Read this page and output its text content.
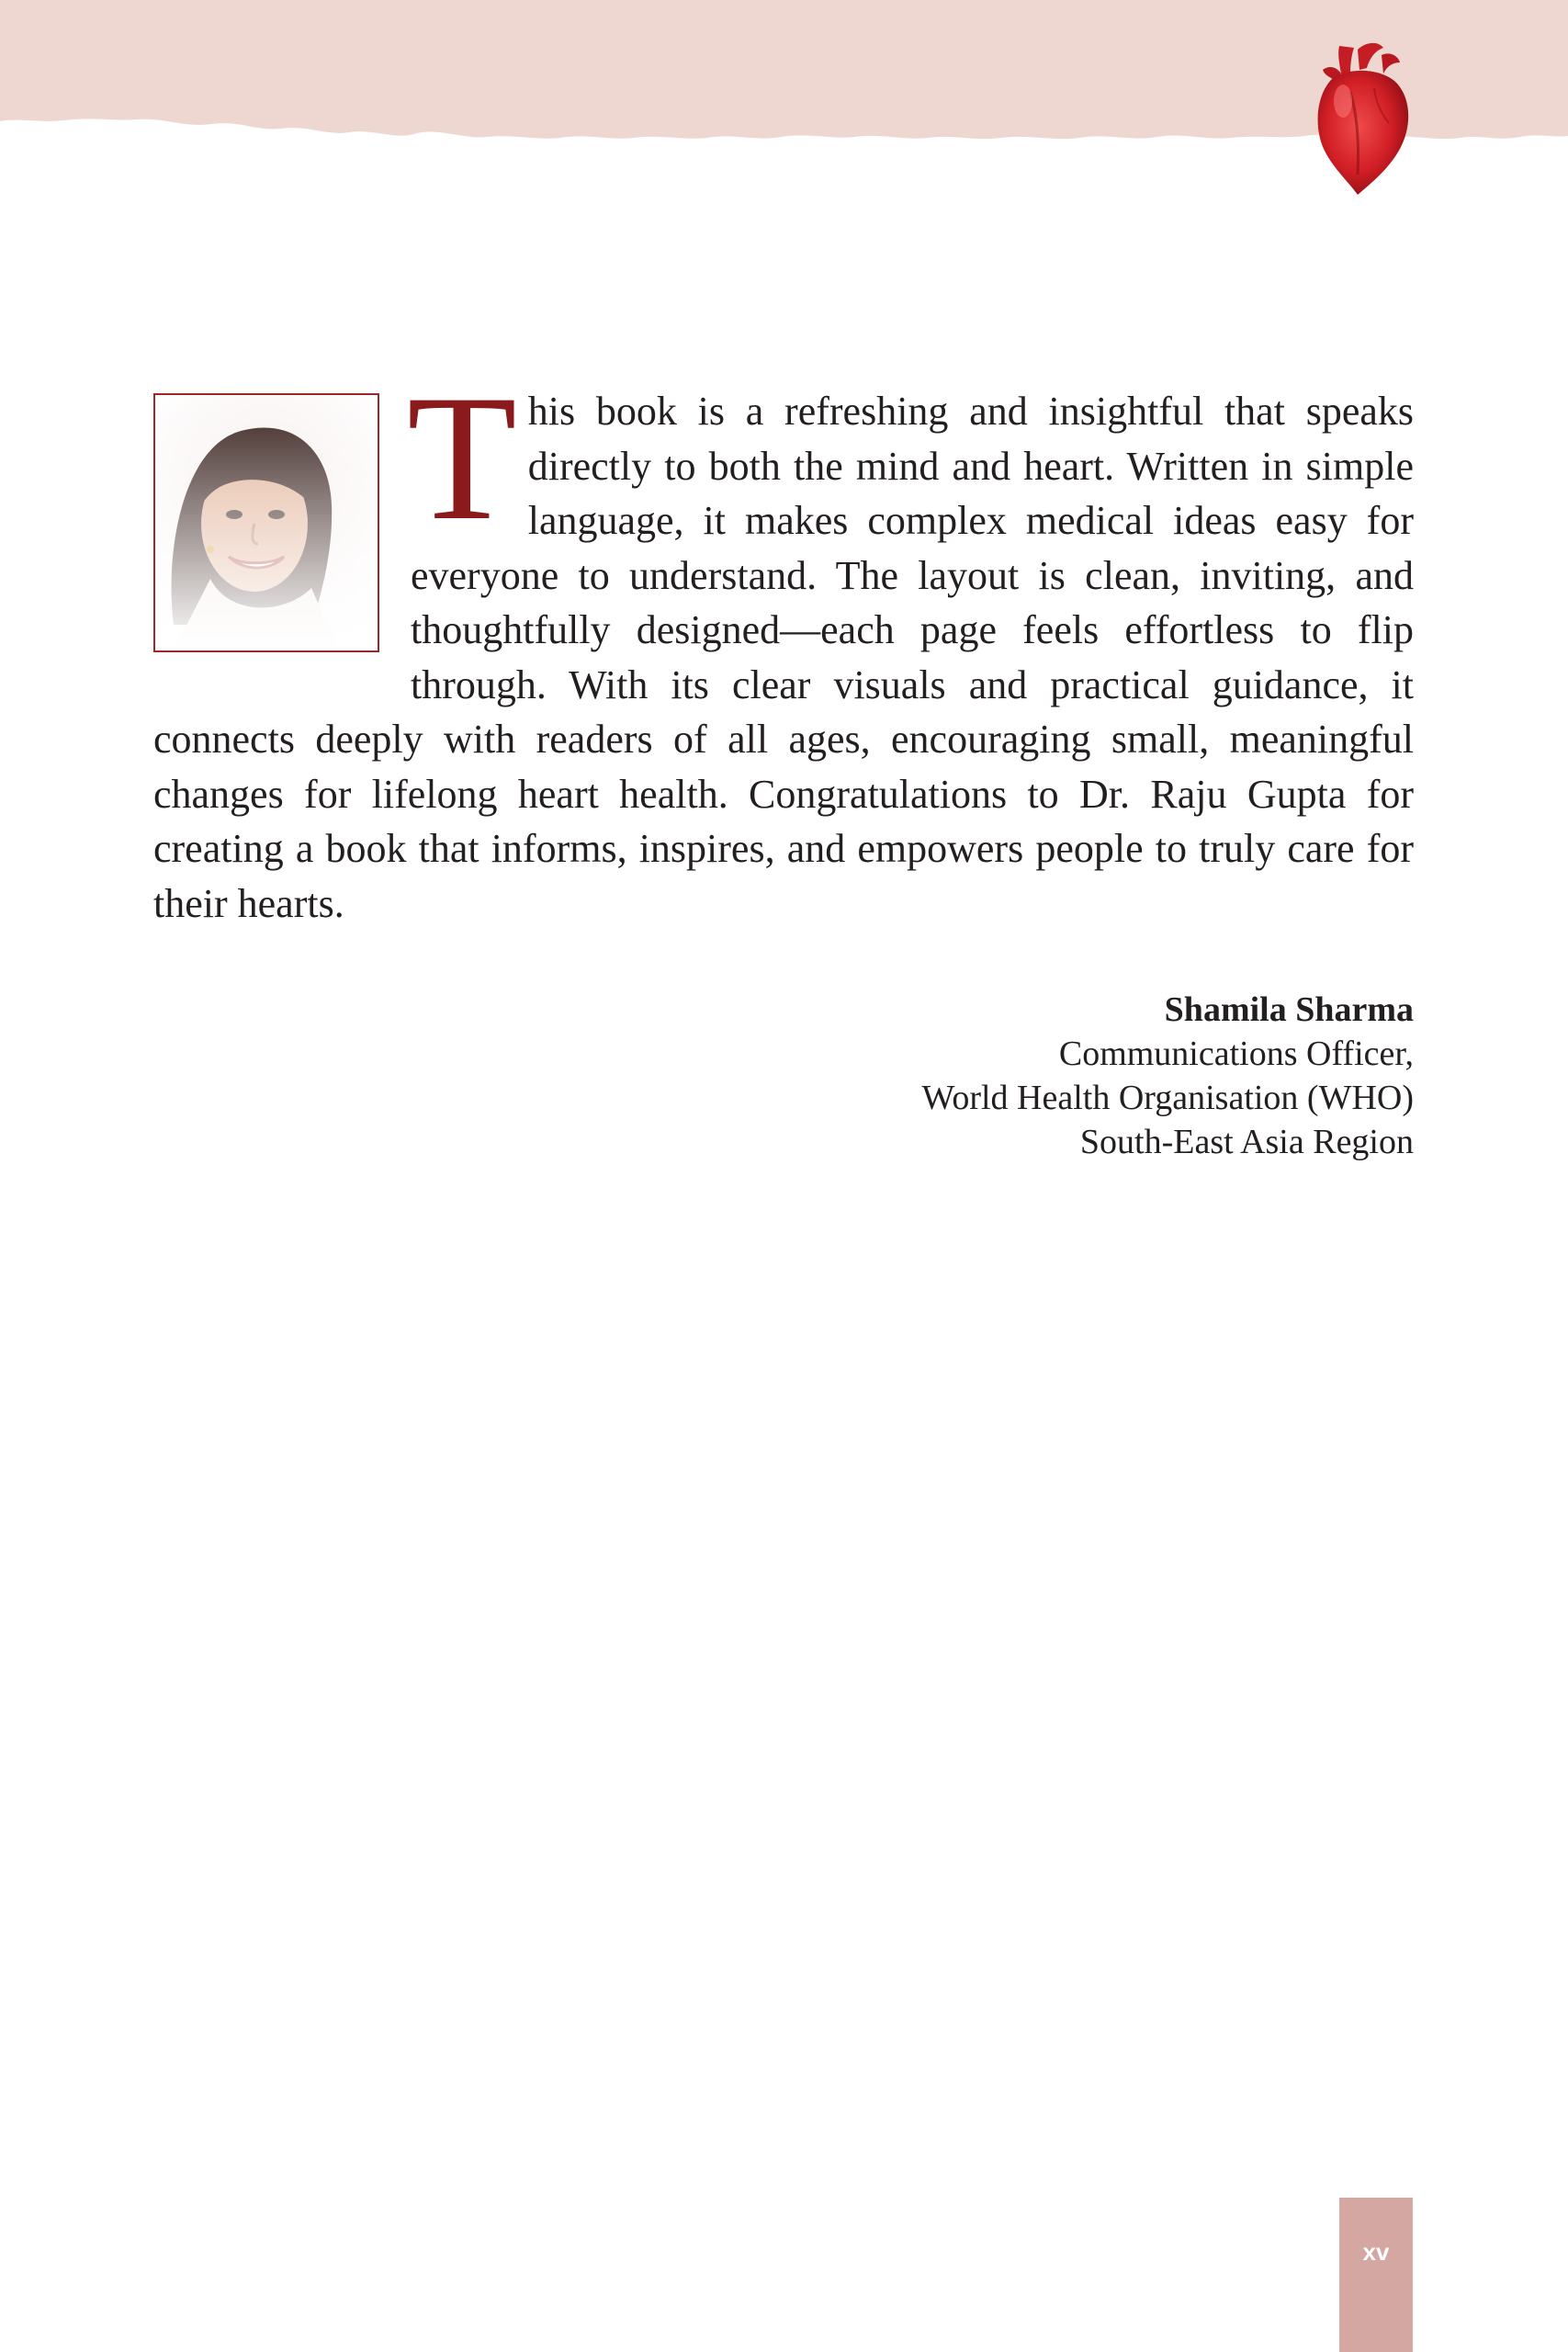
This book is a refreshing and insightful that speaks directly to both the mind and heart. Written in simple language, it makes complex medical ideas easy for everyone to understand. The layout is clean, inviting, and thoughtfully designed—each page feels effortless to flip through. With its clear visuals and practical guidance, it connects deeply with readers of all ages, encouraging small, meaningful changes for lifelong heart health. Congratulations to Dr. Raju Gupta for creating a book that informs, inspires, and empowers people to truly care for their hearts.

Shamila Sharma
Communications Officer,
World Health Organisation (WHO)
South-East Asia Region
xv
